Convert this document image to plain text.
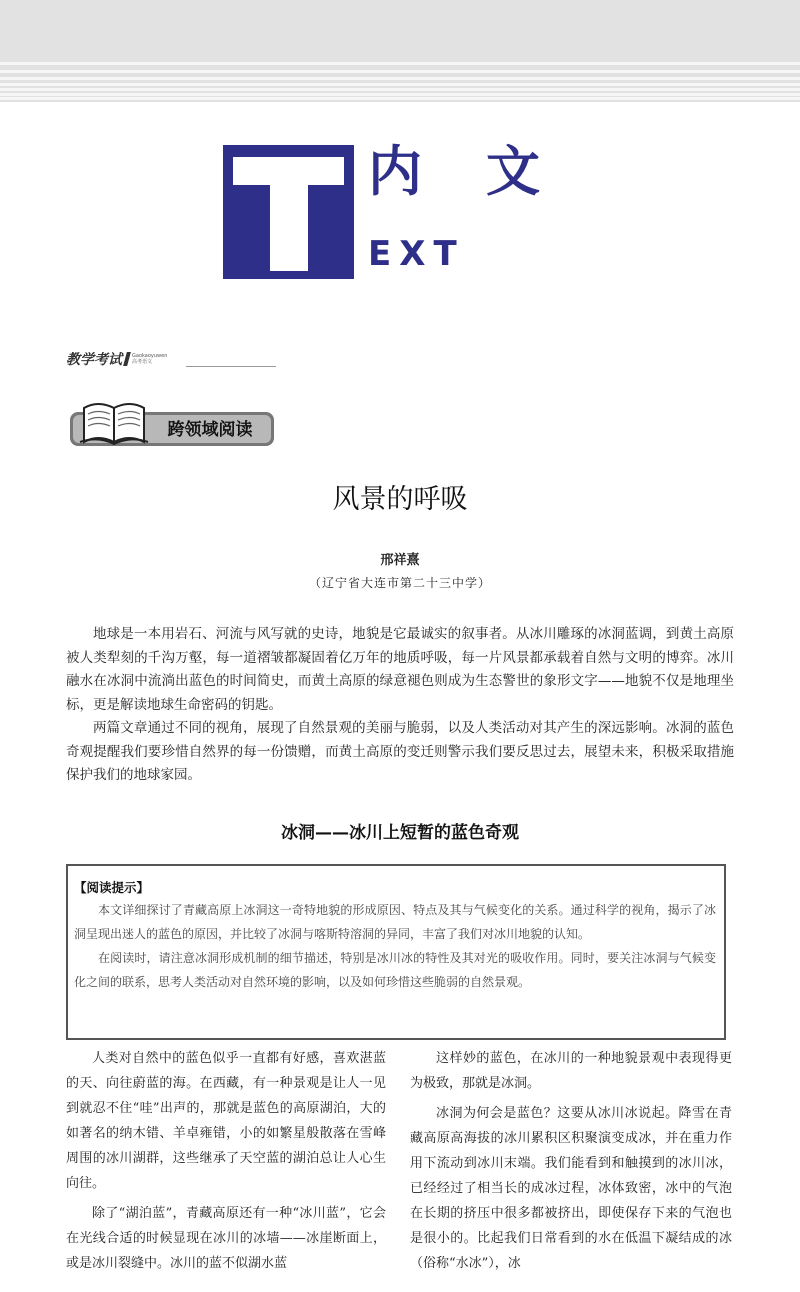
内文
EXT
教学考试 Gaokaoyuwen
高考语文
跨领域阅读
风景的呼吸
邢祥熹
（辽宁省大连市第二十三中学）

地球是一本用岩石、河流与风写就的史诗，地貌是它最诚实的叙事者。从冰川雕琢的冰洞蓝调，到黄土高原被人类犁刻的千沟万壑，每一道褶皱都凝固着亿万年的地质呼吸，每一片风景都承载着自然与文明的博弈。冰川融水在冰洞中流淌出蓝色的时间简史，而黄土高原的绿意褪色则成为生态警世的象形文字——地貌不仅是地理坐标，更是解读地球生命密码的钥匙。

两篇文章通过不同的视角，展现了自然景观的美丽与脆弱，以及人类活动对其产生的深远影响。冰洞的蓝色奇观提醒我们要珍惜自然界的每一份馈赠，而黄土高原的变迁则警示我们要反思过去，展望未来，积极采取措施保护我们的地球家园。

冰洞——冰川上短暂的蓝色奇观
【阅读提示】

本文详细探讨了青藏高原上冰洞这一奇特地貌的形成原因、特点及其与气候变化的关系。通过科学的视角，揭示了冰洞呈现出迷人的蓝色的原因，并比较了冰洞与喀斯特溶洞的异同，丰富了我们对冰川地貌的认知。

在阅读时，请注意冰洞形成机制的细节描述，特别是冰川冰的特性及其对光的吸收作用。同时，要关注冰洞与气候变化之间的联系，思考人类活动对自然环境的影响，以及如何珍惜这些脆弱的自然景观。

人类对自然中的蓝色似乎一直都有好感，喜欢湛蓝的天、向往蔚蓝的海。在西藏，有一种景观是让人一见到就忍不住“哇”出声的，那就是蓝色的高原湖泊，大的如著名的纳木错、羊卓雍错，小的如繁星般散落在雪峰周围的冰川湖群，这些继承了天空蓝的湖泊总让人心生向往。

除了“湖泊蓝”，青藏高原还有一种“冰川蓝”，它会在光线合适的时候显现在冰川的冰墙——冰崖断面上，或是冰川裂缝中。冰川的蓝不似湖水蓝

这样妙的蓝色，在冰川的一种地貌景观中表现得更为极致，那就是冰洞。

冰洞为何会是蓝色？这要从冰川冰说起。降雪在青藏高原高海拔的冰川累积区积聚演变成冰，并在重力作用下流动到冰川末端。我们能看到和触摸到的冰川冰，已经经过了相当长的成冰过程，冰体致密，冰中的气泡在长期的挤压中很多都被挤出，即使保存下来的气泡也是很小的。比起我们日常看到的水在低温下凝结成的冰（俗称“水冰”），冰
